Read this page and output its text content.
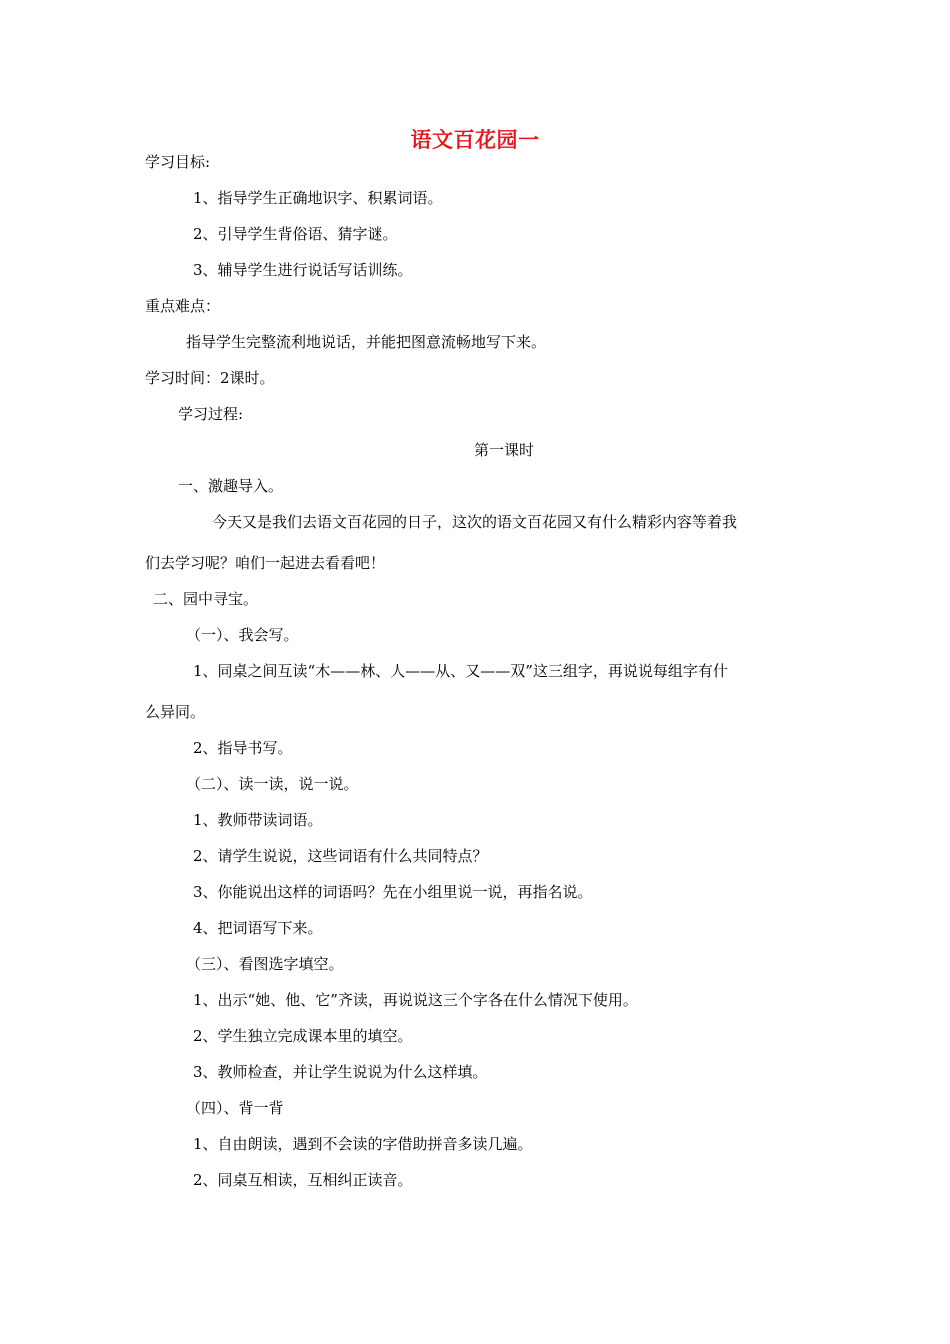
语文百花园一
学习目标:
1、指导学生正确地识字、积累词语。
2、引导学生背俗语、猜字谜。
3、辅导学生进行说话写话训练。
重点难点：
指导学生完整流利地说话，并能把图意流畅地写下来。
学习时间：2课时。
学习过程:
第一课时
一、激趣导入。
今天又是我们去语文百花园的日子，这次的语文百花园又有什么精彩内容等着我
们去学习呢？咱们一起进去看看吧！
二、园中寻宝。
（一）、我会写。
1、同桌之间互读“木——林、人——从、又——双”这三组字，再说说每组字有什
么异同。
2、指导书写。
（二）、读一读，说一说。
1、教师带读词语。
2、请学生说说，这些词语有什么共同特点？
3、你能说出这样的词语吗？先在小组里说一说，再指名说。
4、把词语写下来。
（三）、看图选字填空。
1、出示“她、他、它”齐读，再说说这三个字各在什么情况下使用。
2、学生独立完成课本里的填空。
3、教师检查，并让学生说说为什么这样填。
（四）、背一背
1、自由朗读，遇到不会读的字借助拼音多读几遍。
2、同桌互相读，互相纠正读音。
